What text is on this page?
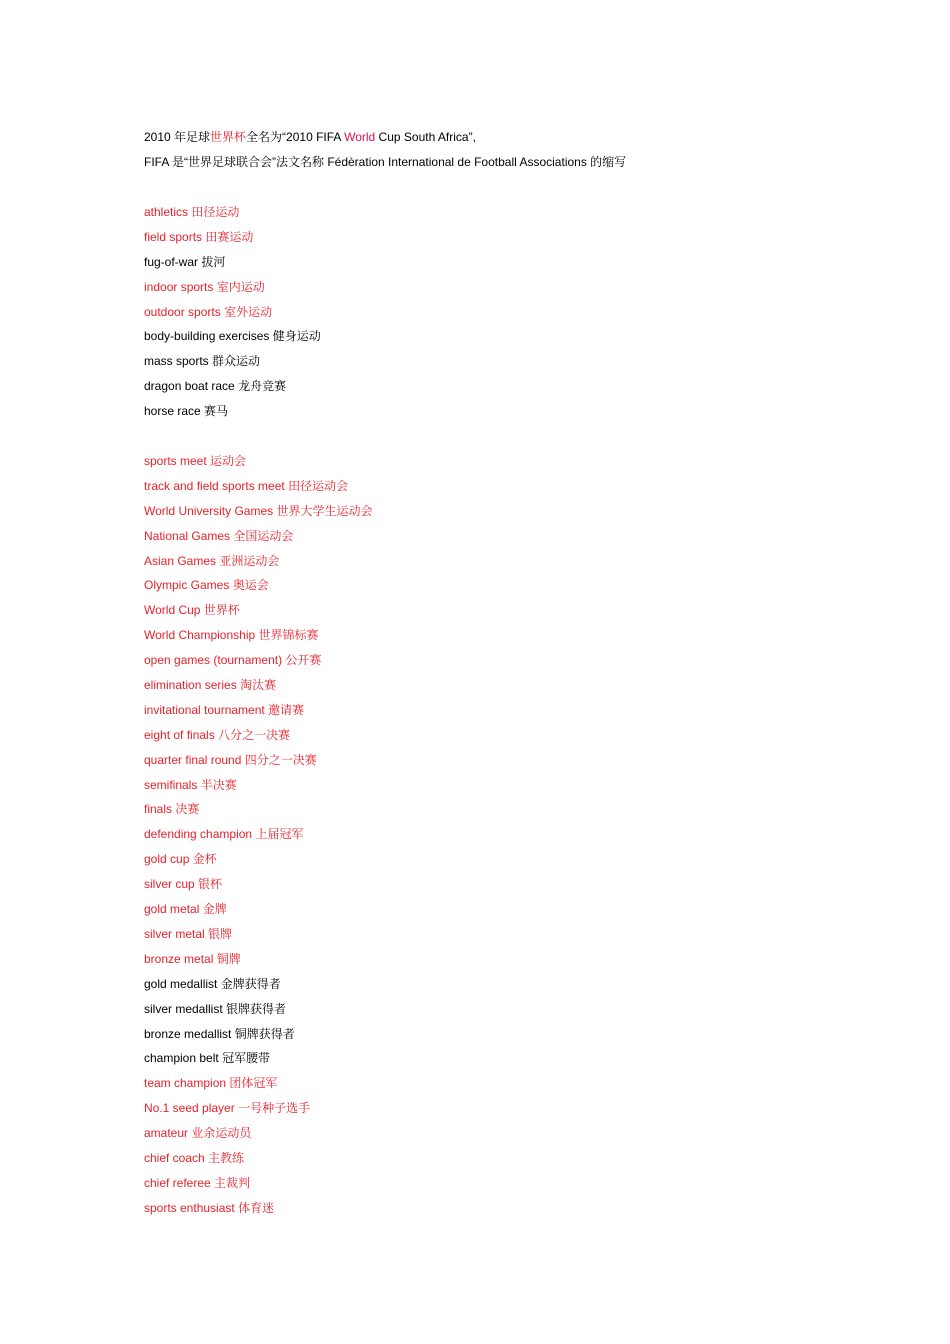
2010 年足球世界杯全名为“2010 FIFA World Cup South Africa”,
FIFA 是“世界足球联合会”法文名称 Fédèration International de Football Associations 的缩写
athletics 田径运动
field sports 田赛运动
fug-of-war 拔河
indoor sports 室内运动
outdoor sports 室外运动
body-building exercises 健身运动
mass sports 群众运动
dragon boat race 龙舟竞赛
horse race 赛马
sports meet 运动会
track and field sports meet 田径运动会
World University Games 世界大学生运动会
National Games 全国运动会
Asian Games 亚洲运动会
Olympic Games 奥运会
World Cup 世界杯
World Championship 世界锦标赛
open games (tournament) 公开赛
elimination series 淘汰赛
invitational tournament 邀请赛
eight of finals 八分之一决赛
quarter final round 四分之一决赛
semifinals 半决赛
finals 决赛
defending champion 上届冠军
gold cup 金杯
silver cup 银杯
gold metal 金牌
silver metal 银牌
bronze metal 铜牌
gold medallist 金牌获得者
silver medallist 银牌获得者
bronze medallist 铜牌获得者
champion belt 冠军腰带
team champion 团体冠军
No.1 seed player 一号种子选手
amateur 业余运动员
chief coach 主教练
chief referee 主裁判
sports enthusiast 体育迷
